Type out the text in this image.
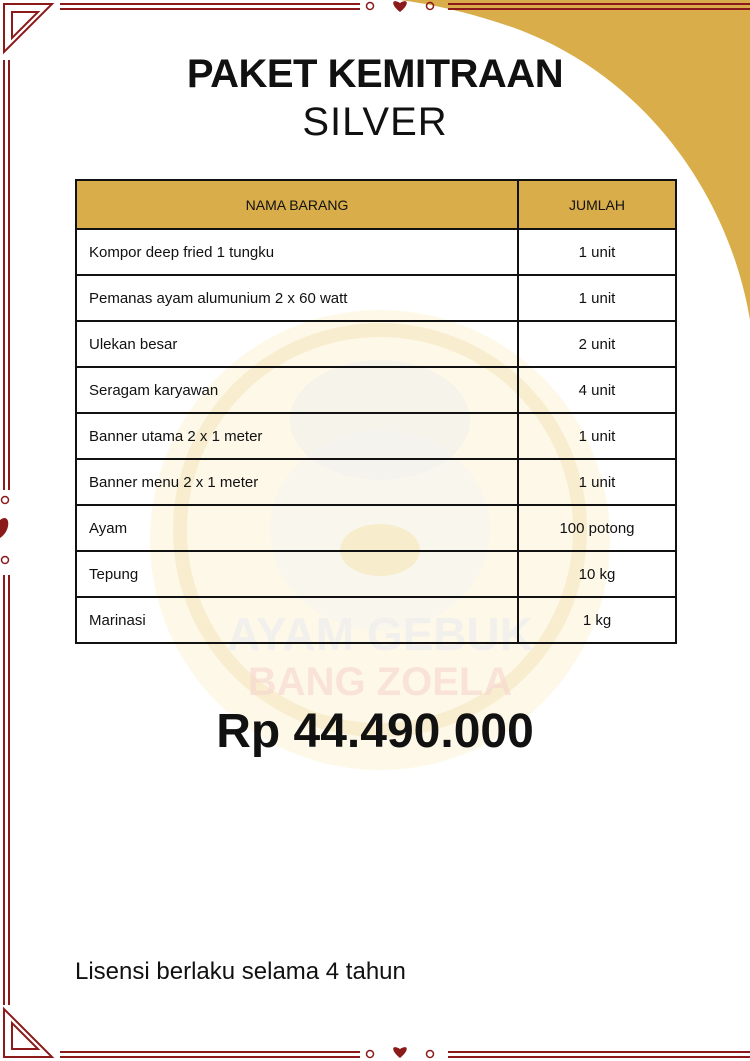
AYAM GEBUK
BANG ZOELA
PAKET KEMITRAAN
SILVER
NAMA BARANG	JUMLAH
Kompor deep fried 1 tungku	1 unit
Pemanas ayam alumunium 2 x 60 watt	1 unit
Ulekan besar	2 unit
Seragam karyawan	4 unit
Banner utama 2 x 1 meter	1 unit
Banner menu 2 x 1 meter	1 unit
Ayam	100 potong
Tepung	10 kg
Marinasi	1 kg
Rp 44.490.000
Lisensi berlaku selama 4 tahun
